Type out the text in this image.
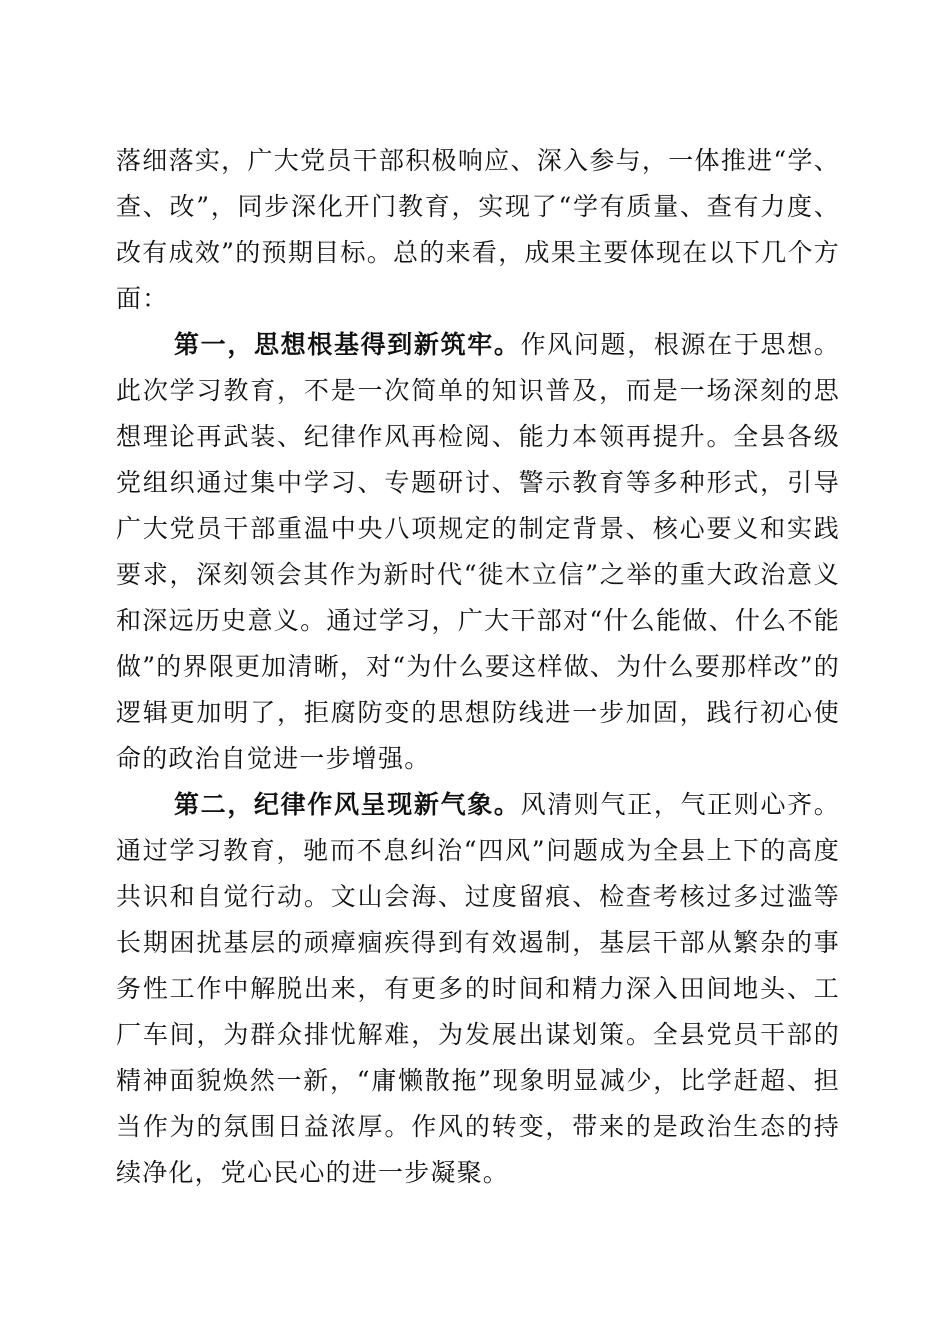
落细落实，广大党员干部积极响应、深入参与，一体推进“学、查、改”，同步深化开门教育，实现了“学有质量、查有力度、改有成效”的预期目标。总的来看，成果主要体现在以下几个方面：

第一，思想根基得到新筑牢。作风问题，根源在于思想。此次学习教育，不是一次简单的知识普及，而是一场深刻的思想理论再武装、纪律作风再检阅、能力本领再提升。全县各级党组织通过集中学习、专题研讨、警示教育等多种形式，引导广大党员干部重温中央八项规定的制定背景、核心要义和实践要求，深刻领会其作为新时代“徙木立信”之举的重大政治意义和深远历史意义。通过学习，广大干部对“什么能做、什么不能做”的界限更加清晰，对“为什么要这样做、为什么要那样改”的逻辑更加明了，拒腐防变的思想防线进一步加固，践行初心使命的政治自觉进一步增强。

第二，纪律作风呈现新气象。风清则气正，气正则心齐。通过学习教育，驰而不息纠治“四风”问题成为全县上下的高度共识和自觉行动。文山会海、过度留痕、检查考核过多过滥等长期困扰基层的顽瘴痼疾得到有效遏制，基层干部从繁杂的事务性工作中解脱出来，有更多的时间和精力深入田间地头、工厂车间，为群众排忧解难，为发展出谋划策。全县党员干部的精神面貌焕然一新，“庸懒散拖”现象明显减少，比学赶超、担当作为的氛围日益浓厚。作风的转变，带来的是政治生态的持续净化，党心民心的进一步凝聚。
